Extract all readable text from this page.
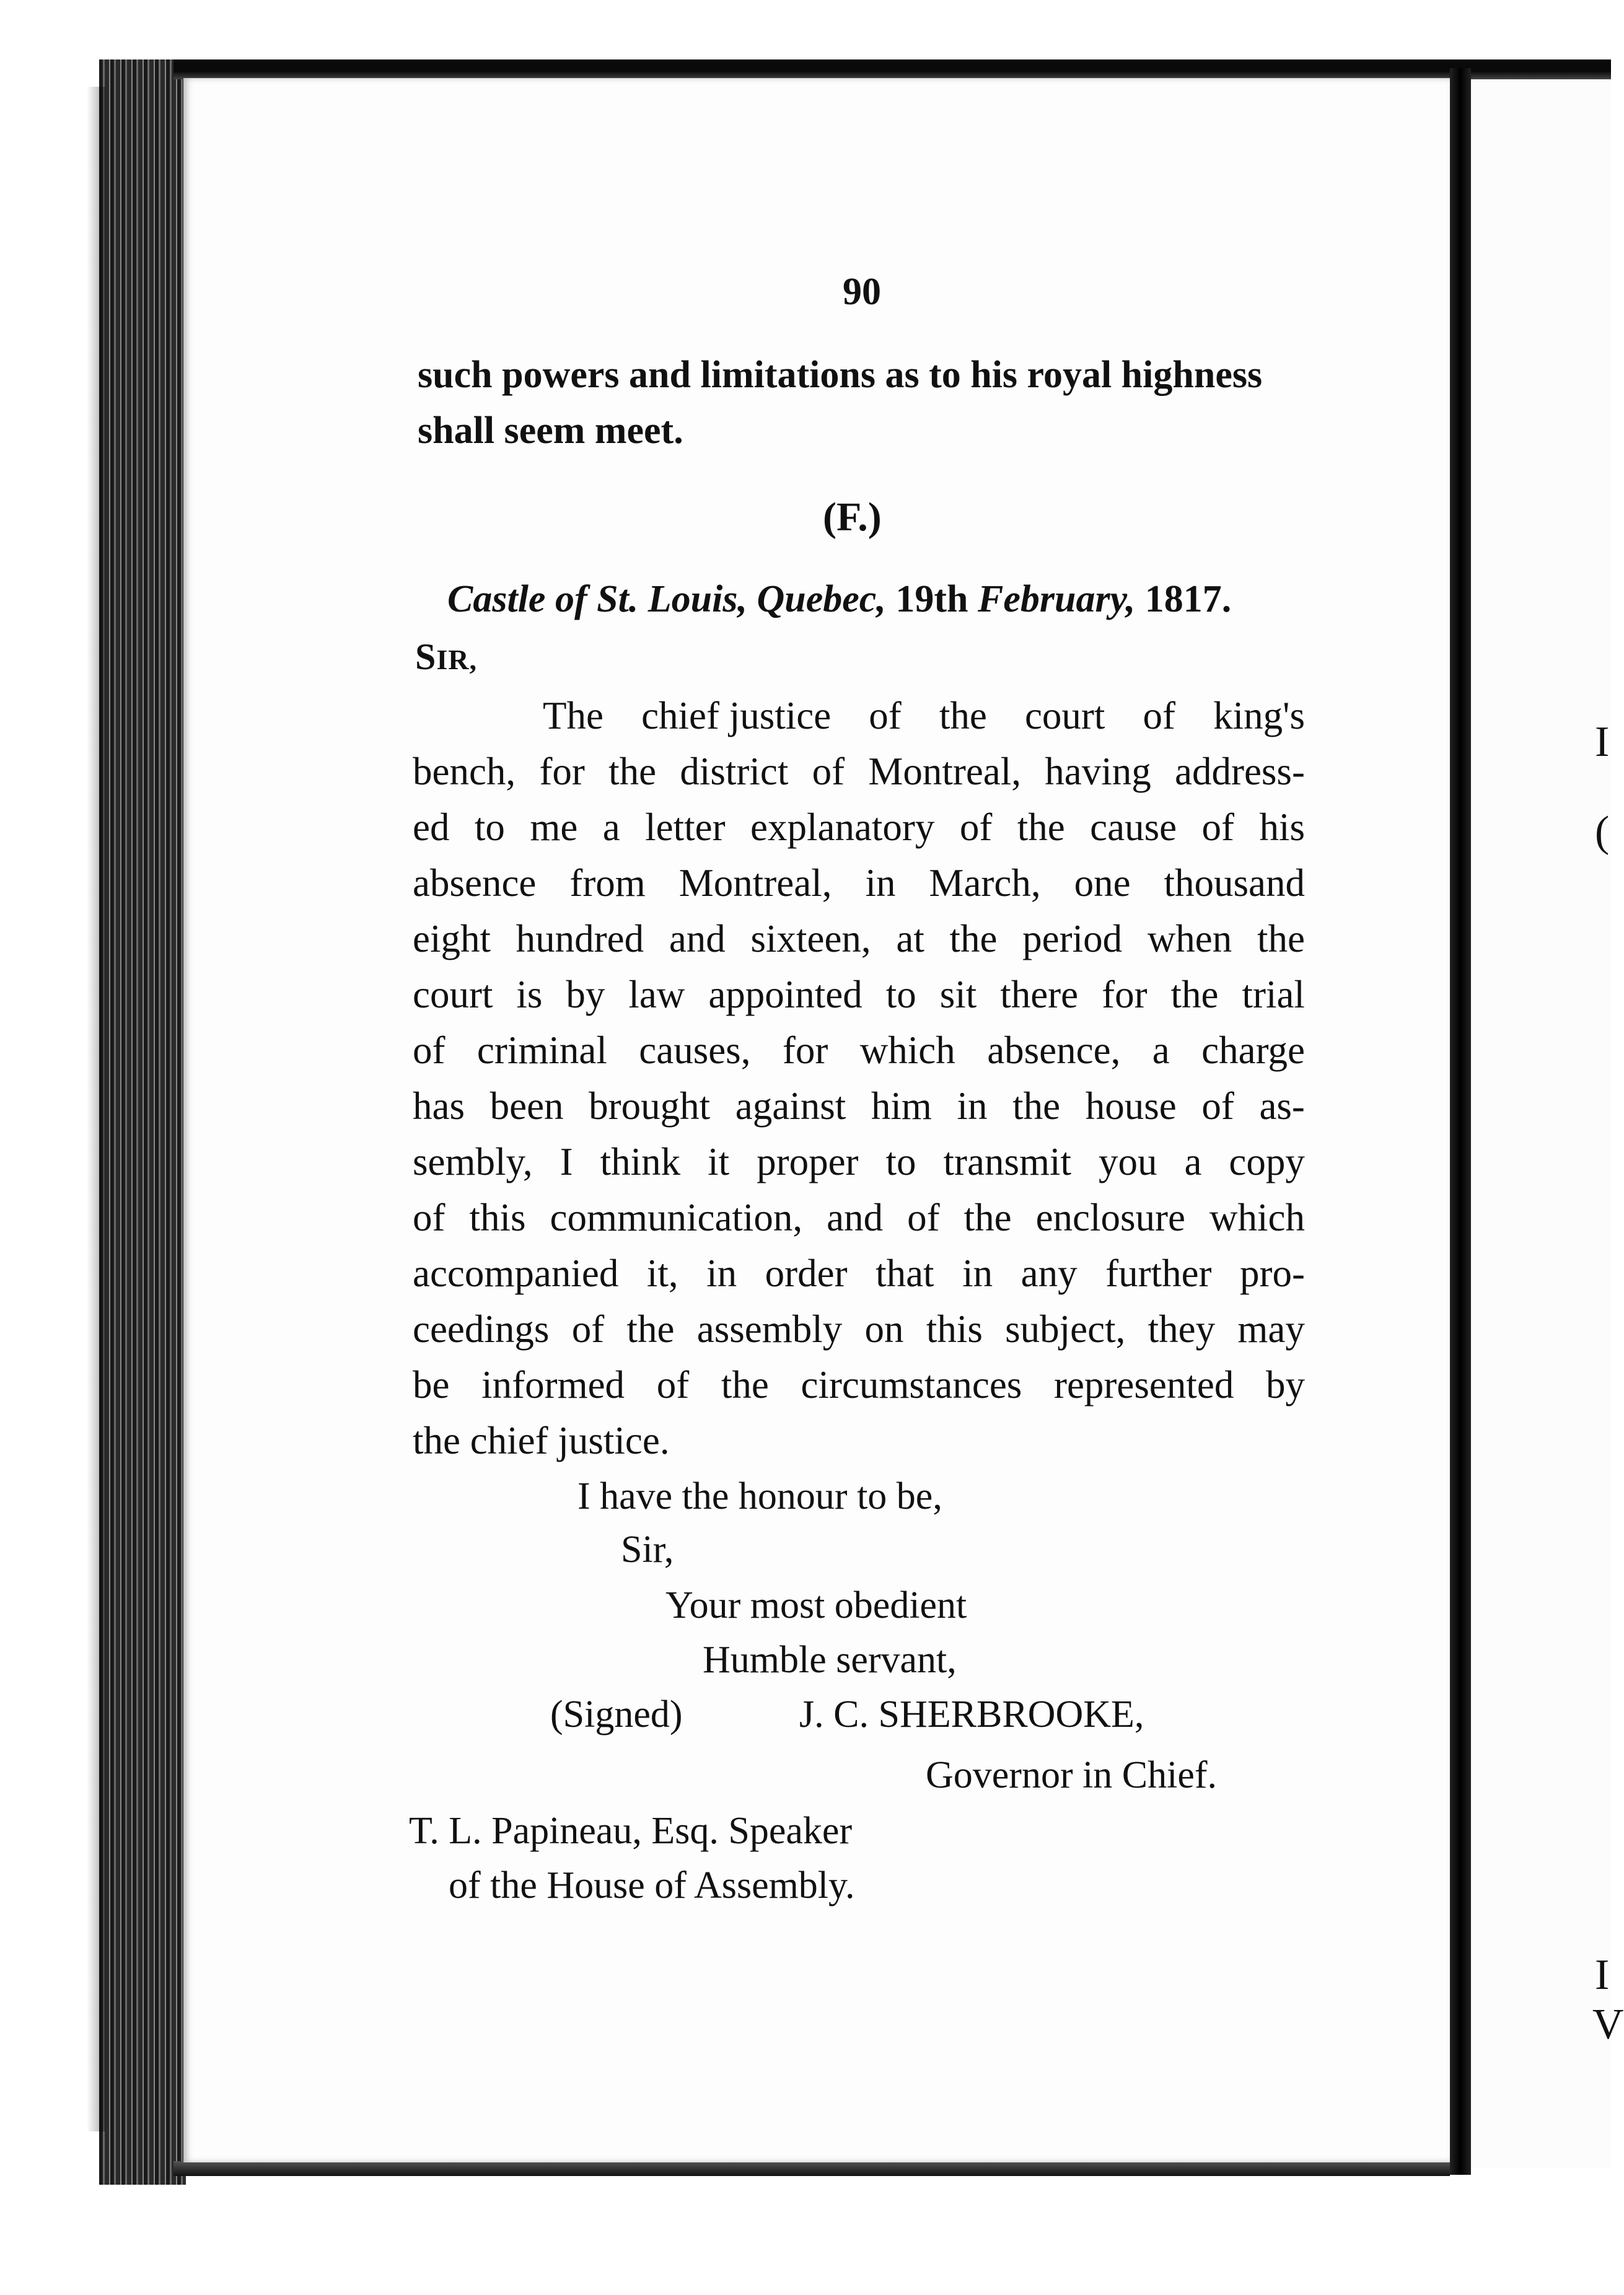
I
(
I
V
90
such powers and limitations as to his royal highness
shall seem meet.
(F.)
Castle of St. Louis, Quebec, 19th February, 1817.
SIR,
The chief justice of the court of king's
bench, for the district of Montreal, having address-
ed to me a letter explanatory of the cause of his
absence from Montreal, in March, one thousand
eight hundred and sixteen, at the period when the
court is by law appointed to sit there for the trial
of criminal causes, for which absence, a charge
has been brought against him in the house of as-
sembly, I think it proper to transmit you a copy
of this communication, and of the enclosure which
accompanied it, in order that in any further pro-
ceedings of the assembly on this subject, they may
be informed of the circumstances represented by
the chief justice.
I have the honour to be,
Sir,
Your most obedient
Humble servant,
(Signed)	J. C. SHERBROOKE,
Governor in Chief.
T. L. Papineau, Esq. Speaker
of the House of Assembly.
